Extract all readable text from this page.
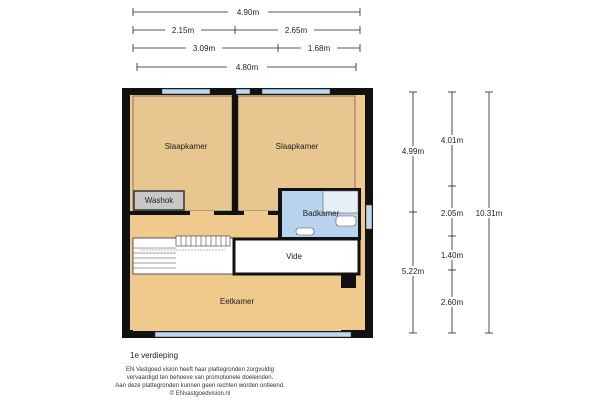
4.90m
2.15m	2.65m
3.09m	1.68m
4.80m
Slaapkamer	Slaapkamer
Washok
Badkamer
Vide
Eetkamer
4.99m
5.22m
4.01m
2.05m
1.40m
2.60m
10.31m
1e verdieping
EN Vastgoed vision heeft haar plattegronden zorgvuldig
vervaardigd ten behoeve van promotionele doeleinden.
Aan deze plattegronden kunnen geen rechten worden ontleend.
© ENvastgoedvision.nl
